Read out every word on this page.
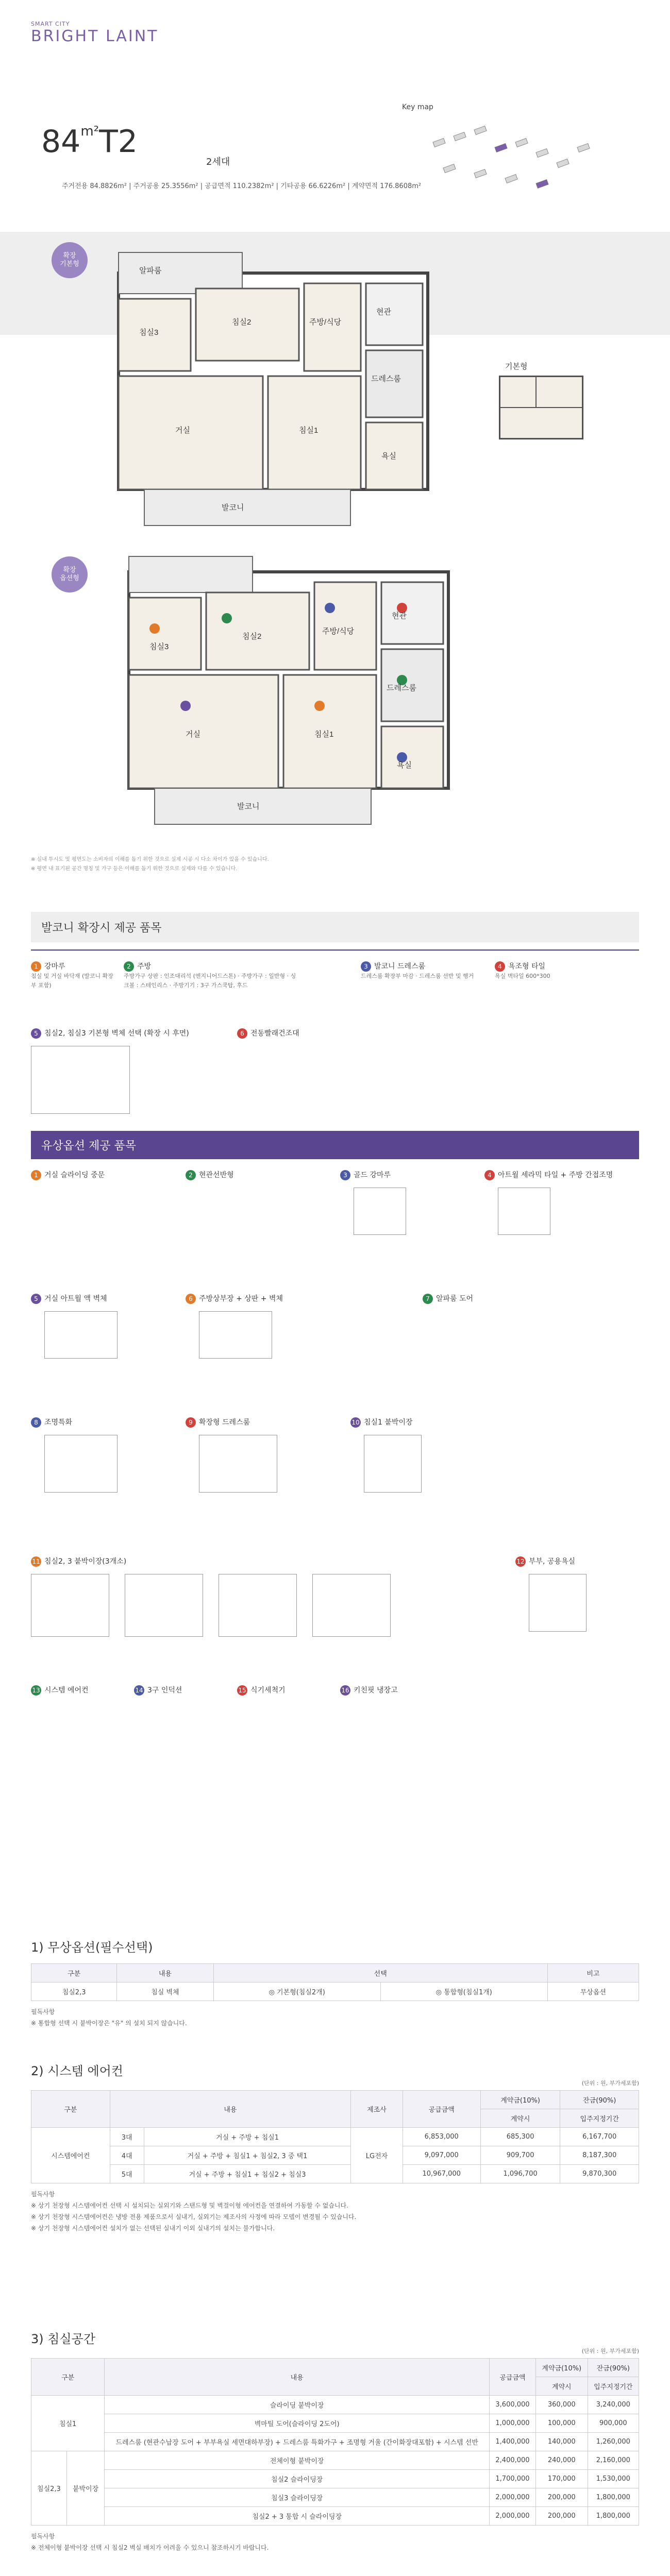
SMART CITY
BRIGHT LAINT
$84^{m^2}T2$
2세대
주거전용 84.8826m² | 주거공용 25.3556m² | 공급면적 110.2382m² | 기타공용 66.6226m² | 계약면적 176.8608m²
Key map
확장
기본형
알파룸
침실2
침실3
주방/식당
거실
현관
침실1
드레스룸
욕실
발코니
기본형
확장
옵션형
침실2
침실3
주방/식당
거실
현관
침실1
드레스룸
욕실
발코니
※ 실내 투시도 및 평면도는 소비자의 이해를 돕기 위한 것으로 실제 시공 시 다소 차이가 있을 수 있습니다.
※ 평면 내 표기된 공간 명칭 및 가구 등은 이해를 돕기 위한 것으로 실제와 다를 수 있습니다.
발코니 확장시 제공 품목
1 강마루
침실 및 거실 바닥재 (발코니 확장부 포함)
2 주방
주방가구 상판 : 인조대리석 (엔지니어드스톤) · 주방가구 : 일반형 · 싱크볼 : 스테인리스 · 주방기기 : 3구 가스쿡탑, 후드
3 발코니 드레스룸
드레스룸 확장부 마감 · 드레스룸 선반 및 행거
4 욕조형 타일
욕실 벽타일 600*300
5 침실2, 침실3 기본형 벽체 선택 (확장 시 후면)	6 전동빨래건조대
유상옵션 제공 품목
1 거실 슬라이딩 중문	2 현관선반형	3 골드 강마루	4 아트월 세라믹 타일 + 주방 간접조명
5 거실 아트월 액 벽체	6 주방상부장 + 상판 + 벽체	7 알파룸 도어
8 조명특화	9 확장형 드레스룸	10 침실1 붙박이장
11 침실2, 3 붙박이장(3개소)	12 부부, 공용욕실
13 시스템 에어컨	14 3구 인덕션	15 식기세척기	16 키친핏 냉장고
1) 무상옵션(필수선택)
구분	내용	선택		비고
침실2,3	침실 벽체	◎ 기본형(침실2개)	◎ 통합형(침실1개)	무상옵션
필독사항
※ 통합형 선택 시 붙박이장은 "유" 의 설치 되지 않습니다.
2) 시스템 에어컨
(단위 : 원, 부가세포함)
구분	내용		제조사	공급금액	계약금(10%)	잔금(90%)
					계약시	입주지정기간
시스템에어컨	3대	거실 + 주방 + 침실1	LG전자	6,853,000	685,300	6,167,700
	4대	거실 + 주방 + 침실1 + 침실2, 3 중 택1		9,097,000	909,700	8,187,300
	5대	거실 + 주방 + 침실1 + 침실2 + 침실3		10,967,000	1,096,700	9,870,300
필독사항
※ 상기 천장형 시스템에어컨 선택 시 설치되는 실외기와 스탠드형 및 벽걸이형 에어컨을 연결하여 가동할 수 없습니다.
※ 상기 천장형 시스템에어컨은 냉방 전용 제품으로서 실내기, 실외기는 제조사의 사정에 따라 모델이 변경될 수 있습니다.
※ 상기 천장형 시스템에어컨 설치가 없는 선택된 실내기 이외 실내기의 설치는 불가합니다.
3) 침실공간
(단위 : 원, 부가세포함)
구분		내용	공급금액	계약금(10%)	잔금(90%)
				계약시	입주지정기간
침실1		슬라이딩 붙박이장	3,600,000	360,000	3,240,000
		벽마틸 도어(슬라이딩 2도어)	1,000,000	100,000	900,000
		드레스룸 (현관수납장 도어 + 부부욕실 세면대하부장) + 드레스룸 특화가구 + 조명형 거울 (간이화장대포함) + 시스템 선반	1,400,000	140,000	1,260,000
침실2,3	붙박이장	전체이형 붙박이장	2,400,000	240,000	2,160,000
		침실2 슬라이딩장	1,700,000	170,000	1,530,000
		침실3 슬라이딩장	2,000,000	200,000	1,800,000
		침실2 + 3 통합 시 슬라이딩장	2,000,000	200,000	1,800,000
필독사항
※ 전체이형 붙박이장 선택 시 침실2 벽실 배치가 어려울 수 있으니 참조하시기 바랍니다.
